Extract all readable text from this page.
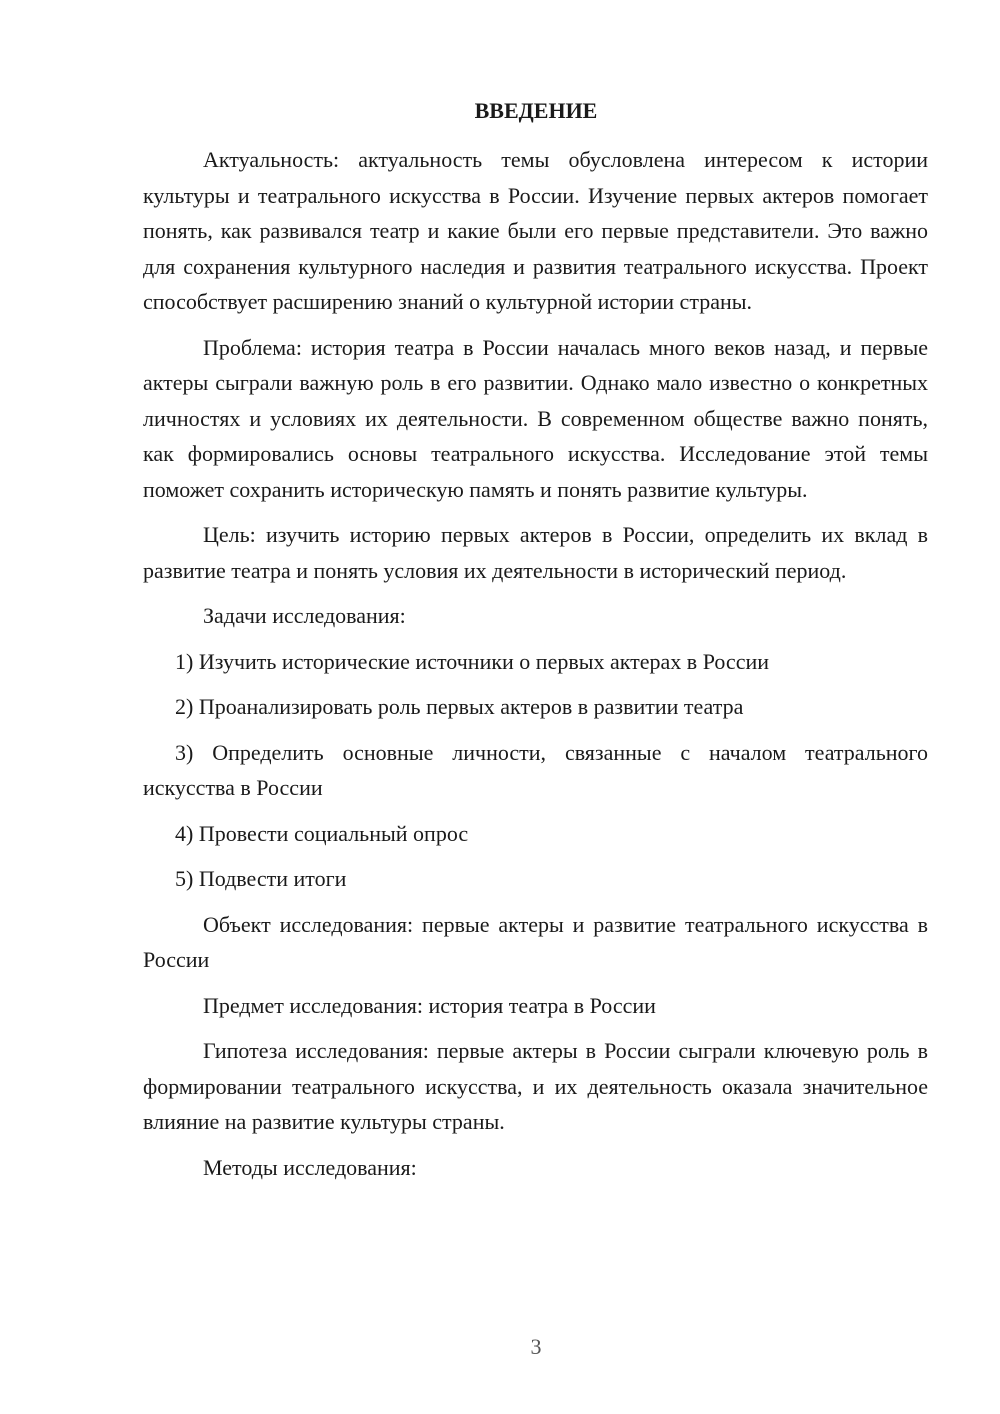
ВВЕДЕНИЕ

Актуальность: актуальность темы обусловлена интересом к истории культуры и театрального искусства в России. Изучение первых актеров помогает понять, как развивался театр и какие были его первые представители. Это важно для сохранения культурного наследия и развития театрального искусства. Проект способствует расширению знаний о культурной истории страны.

Проблема: история театра в России началась много веков назад, и первые актеры сыграли важную роль в его развитии. Однако мало известно о конкретных личностях и условиях их деятельности. В современном обществе важно понять, как формировались основы театрального искусства. Исследование этой темы поможет сохранить историческую память и понять развитие культуры.

Цель: изучить историю первых актеров в России, определить их вклад в развитие театра и понять условия их деятельности в исторический период.

Задачи исследования:

1) Изучить исторические источники о первых актерах в России

2) Проанализировать роль первых актеров в развитии театра

3) Определить основные личности, связанные с началом театрального искусства в России

4) Провести социальный опрос

5) Подвести итоги

Объект исследования: первые актеры и развитие театрального искусства в России

Предмет исследования: история театра в России

Гипотеза исследования: первые актеры в России сыграли ключевую роль в формировании театрального искусства, и их деятельность оказала значительное влияние на развитие культуры страны.

Методы исследования:

3
